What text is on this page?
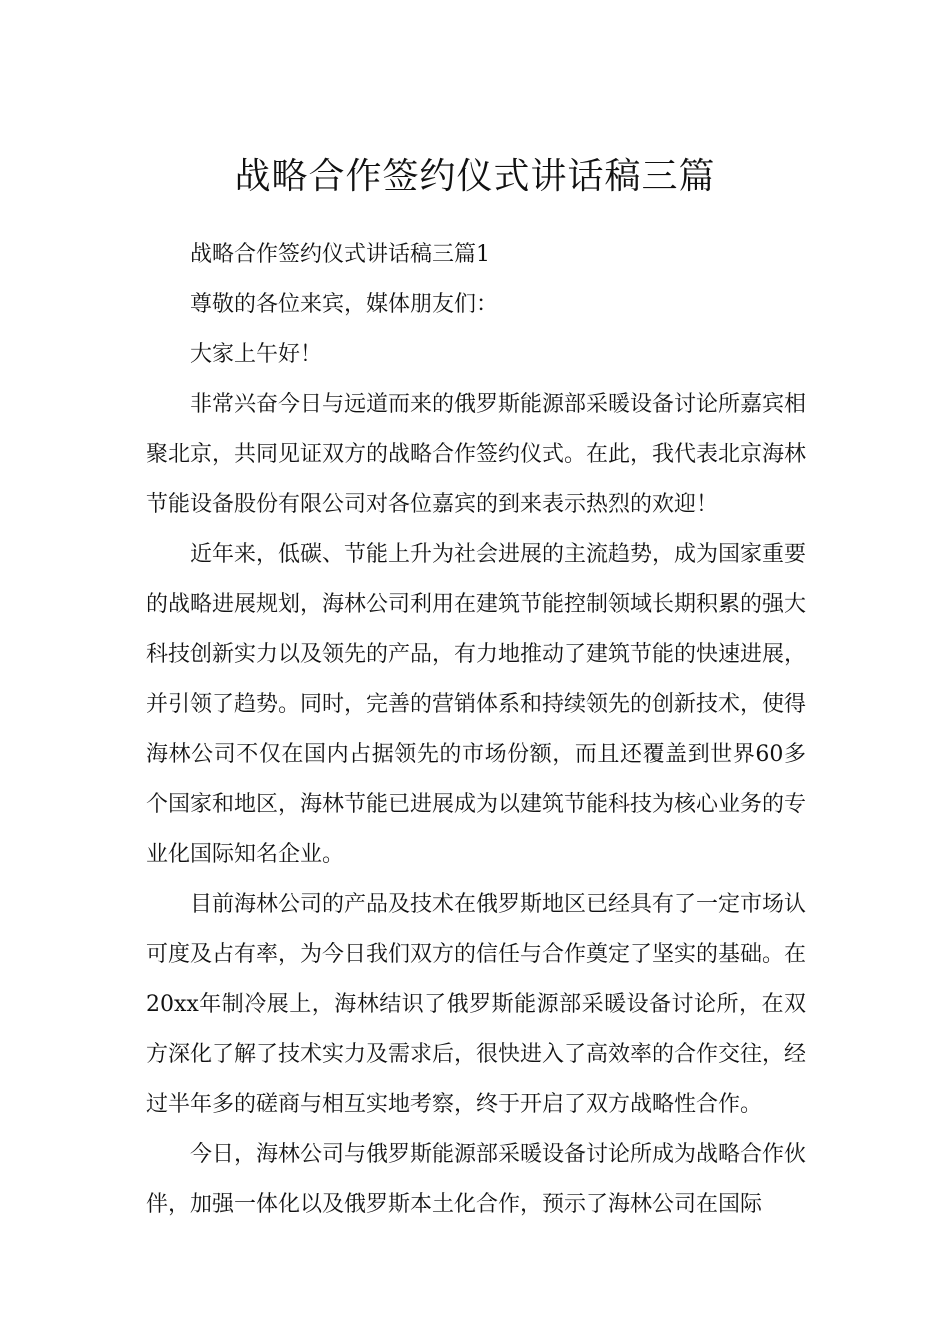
战略合作签约仪式讲话稿三篇

战略合作签约仪式讲话稿三篇1

尊敬的各位来宾，媒体朋友们：

大家上午好！

非常兴奋今日与远道而来的俄罗斯能源部采暖设备讨论所嘉宾相聚北京，共同见证双方的战略合作签约仪式。在此，我代表北京海林节能设备股份有限公司对各位嘉宾的到来表示热烈的欢迎！

近年来，低碳、节能上升为社会进展的主流趋势，成为国家重要的战略进展规划，海林公司利用在建筑节能控制领域长期积累的强大科技创新实力以及领先的产品，有力地推动了建筑节能的快速进展，并引领了趋势。同时，完善的营销体系和持续领先的创新技术，使得海林公司不仅在国内占据领先的市场份额，而且还覆盖到世界60多个国家和地区，海林节能已进展成为以建筑节能科技为核心业务的专业化国际知名企业。

目前海林公司的产品及技术在俄罗斯地区已经具有了一定市场认可度及占有率，为今日我们双方的信任与合作奠定了坚实的基础。在20xx年制冷展上，海林结识了俄罗斯能源部采暖设备讨论所，在双方深化了解了技术实力及需求后，很快进入了高效率的合作交往，经过半年多的磋商与相互实地考察，终于开启了双方战略性合作。

今日，海林公司与俄罗斯能源部采暖设备讨论所成为战略合作伙伴，加强一体化以及俄罗斯本土化合作，预示了海林公司在国际
